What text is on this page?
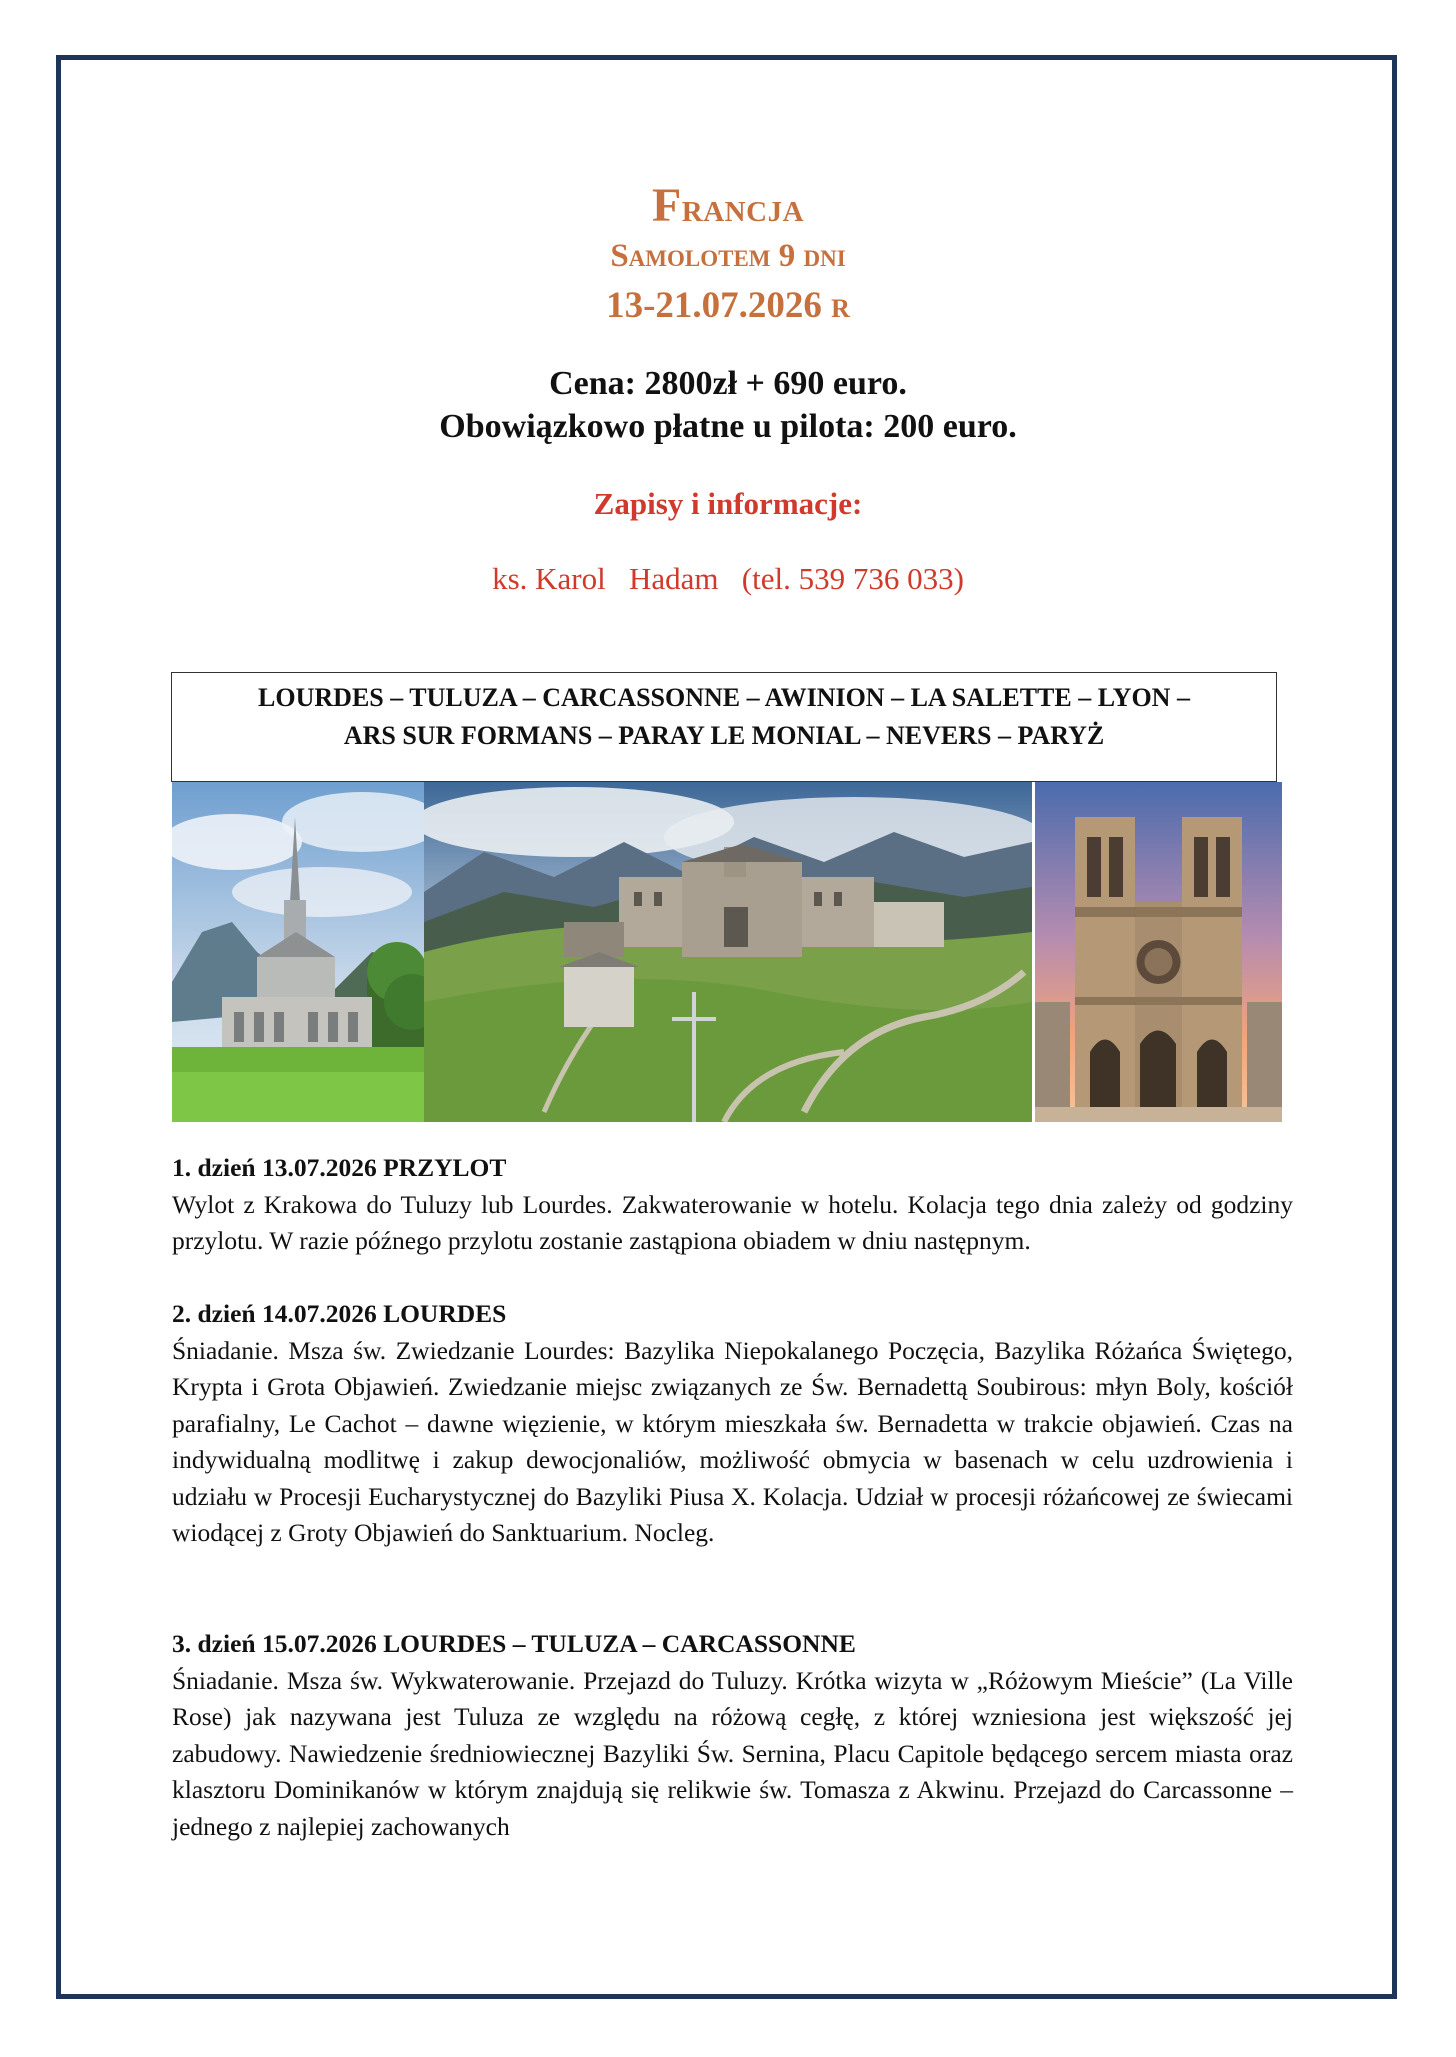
Francja
Samolotem 9 dni
13-21.07.2026 r
Cena: 2800zł + 690 euro.
Obowiązkowo płatne u pilota: 200 euro.
Zapisy i informacje:
ks. Karol   Hadam   (tel. 539 736 033)
LOURDES – TULUZA – CARCASSONNE – AWINION – LA SALETTE – LYON –
ARS SUR FORMANS – PARAY LE MONIAL – NEVERS – PARYŻ
1. dzień 13.07.2026 PRZYLOT
Wylot z Krakowa do Tuluzy lub Lourdes. Zakwaterowanie w hotelu. Kolacja tego dnia zależy od godziny przylotu. W razie późnego przylotu zostanie zastąpiona obiadem w dniu następnym.
2. dzień 14.07.2026 LOURDES
Śniadanie. Msza św. Zwiedzanie Lourdes: Bazylika Niepokalanego Poczęcia, Bazylika Różańca Świętego, Krypta i Grota Objawień. Zwiedzanie miejsc związanych ze Św. Bernadettą Soubirous: młyn Boly, kościół parafialny, Le Cachot – dawne więzienie, w którym mieszkała św. Bernadetta w trakcie objawień. Czas na indywidualną modlitwę i zakup dewocjonaliów, możliwość obmycia w basenach w celu uzdrowienia i udziału w Procesji Eucharystycznej do Bazyliki Piusa X. Kolacja. Udział w procesji różańcowej ze świecami wiodącej z Groty Objawień do Sanktuarium. Nocleg.
3. dzień 15.07.2026 LOURDES – TULUZA – CARCASSONNE
Śniadanie. Msza św. Wykwaterowanie. Przejazd do Tuluzy. Krótka wizyta w „Różowym Mieście” (La Ville Rose) jak nazywana jest Tuluza ze względu na różową cegłę, z której wzniesiona jest większość jej zabudowy. Nawiedzenie średniowiecznej Bazyliki Św. Sernina, Placu Capitole będącego sercem miasta oraz klasztoru Dominikanów w którym znajdują się relikwie św. Tomasza z Akwinu. Przejazd do Carcassonne – jednego z najlepiej zachowanych
